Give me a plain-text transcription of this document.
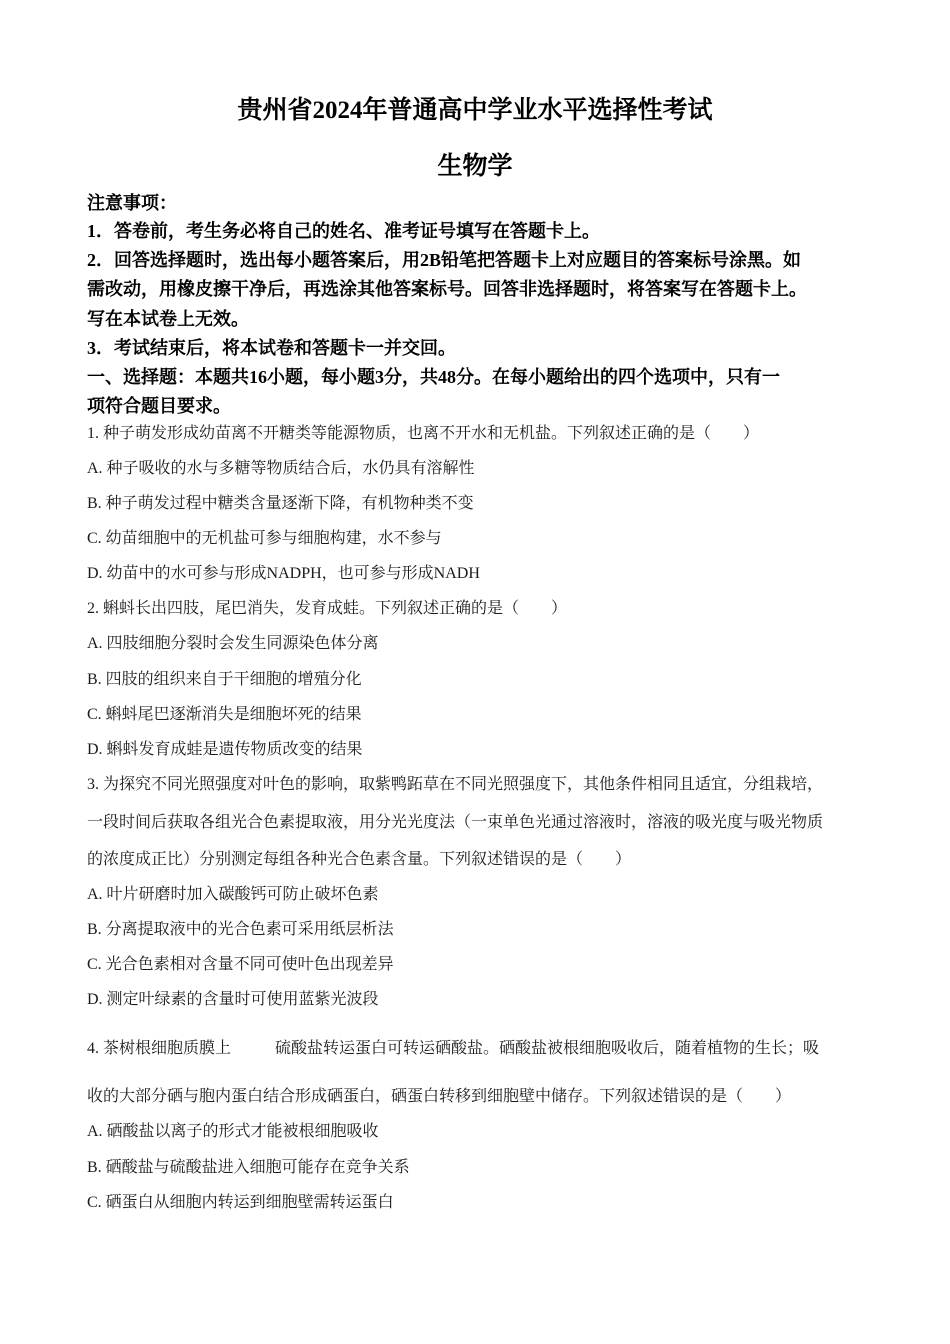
贵州省2024年普通高中学业水平选择性考试
生物学
注意事项：
1．答卷前，考生务必将自己的姓名、准考证号填写在答题卡上。
2．回答选择题时，选出每小题答案后，用2B铅笔把答题卡上对应题目的答案标号涂黑。如
需改动，用橡皮擦干净后，再选涂其他答案标号。回答非选择题时，将答案写在答题卡上。
写在本试卷上无效。
3．考试结束后，将本试卷和答题卡一并交回。
一、选择题：本题共16小题，每小题3分，共48分。在每小题给出的四个选项中，只有一
项符合题目要求。
1. 种子萌发形成幼苗离不开糖类等能源物质，也离不开水和无机盐。下列叙述正确的是（　　）
A. 种子吸收的水与多糖等物质结合后，水仍具有溶解性
B. 种子萌发过程中糖类含量逐渐下降，有机物种类不变
C. 幼苗细胞中的无机盐可参与细胞构建，水不参与
D. 幼苗中的水可参与形成NADPH，也可参与形成NADH
2. 蝌蚪长出四肢，尾巴消失，发育成蛙。下列叙述正确的是（　　）
A. 四肢细胞分裂时会发生同源染色体分离
B. 四肢的组织来自于干细胞的增殖分化
C. 蝌蚪尾巴逐渐消失是细胞坏死的结果
D. 蝌蚪发育成蛙是遗传物质改变的结果
3. 为探究不同光照强度对叶色的影响，取紫鸭跖草在不同光照强度下，其他条件相同且适宜，分组栽培，
一段时间后获取各组光合色素提取液，用分光光度法（一束单色光通过溶液时，溶液的吸光度与吸光物质
的浓度成正比）分别测定每组各种光合色素含量。下列叙述错误的是（　　）
A. 叶片研磨时加入碳酸钙可防止破坏色素
B. 分离提取液中的光合色素可采用纸层析法
C. 光合色素相对含量不同可使叶色出现差异
D. 测定叶绿素的含量时可使用蓝紫光波段
4. 茶树根细胞质膜上	硫酸盐转运蛋白可转运硒酸盐。硒酸盐被根细胞吸收后，随着植物的生长；吸
收的大部分硒与胞内蛋白结合形成硒蛋白，硒蛋白转移到细胞壁中储存。下列叙述错误的是（　　）
A. 硒酸盐以离子的形式才能被根细胞吸收
B. 硒酸盐与硫酸盐进入细胞可能存在竞争关系
C. 硒蛋白从细胞内转运到细胞壁需转运蛋白
